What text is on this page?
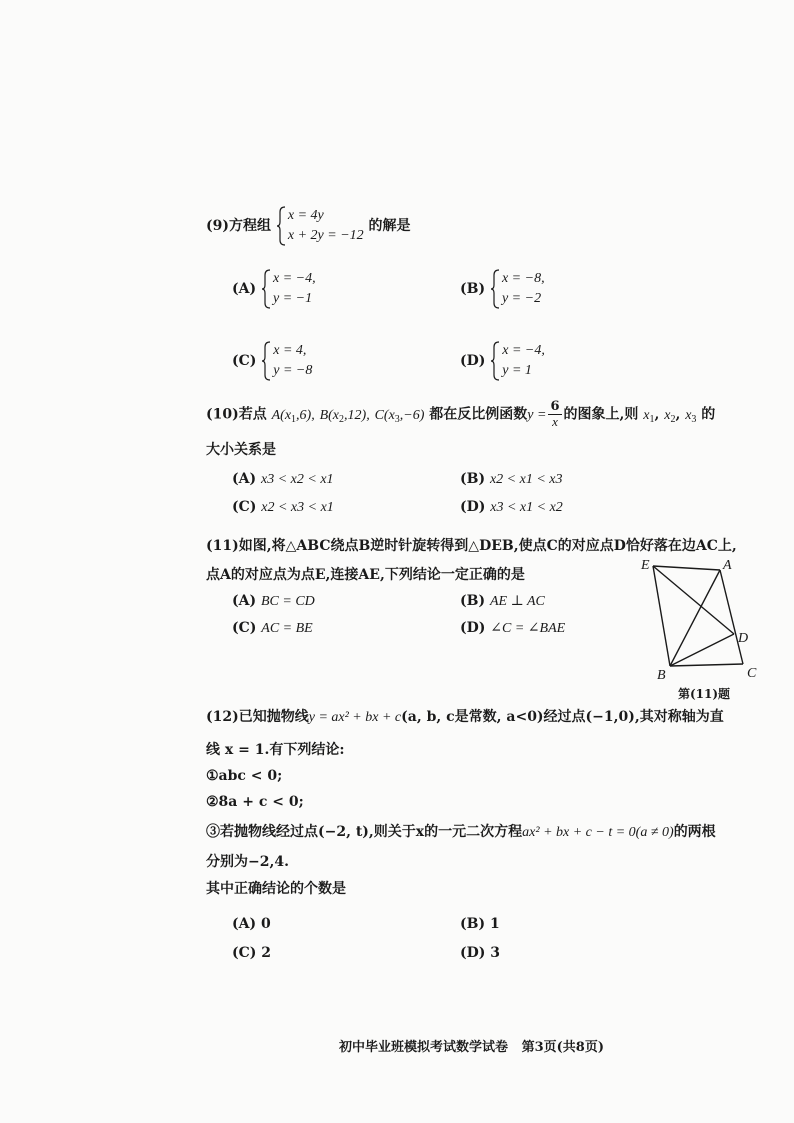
(9)方程组
x = 4y
x + 2y = −12
的解是
(A)
x = −4,
y = −1
(B)
x = −8,
y = −2
(C)
x = 4,
y = −8
(D)
x = −4,
y = 1
(10)若点 $A(x_1,6)$, $B(x_2,12)$, $C(x_3,-6)$ 都在反比例函数$y = \frac{6}{x}$ 的图象上,则 $x_1$, $x_2$, $x_3$ 的
大小关系是
(A) x3 < x2 < x1	(B) x2 < x1 < x3
(C) x2 < x3 < x1	(D) x3 < x1 < x2
(11)如图,将△ABC绕点B逆时针旋转得到△DEB,使点C的对应点D恰好落在边AC上,
点A的对应点为点E,连接AE,下列结论一定正确的是
(A) BC = CD	(B) AE ⊥ AC
(C) AC = BE	(D) ∠C = ∠BAE
E	A
D
B	C
第(11)题
(12)已知抛物线y = ax² + bx + c(a, b, c是常数, a<0)经过点(−1,0),其对称轴为直
线 x = 1.有下列结论:
①abc < 0;
②8a + c < 0;
③若抛物线经过点(−2, t),则关于x的一元二次方程ax² + bx + c − t = 0(a ≠ 0)的两根
分别为−2,4.
其中正确结论的个数是
(A) 0	(B) 1
(C) 2	(D) 3
初中毕业班模拟考试数学试卷 第3页(共8页)
